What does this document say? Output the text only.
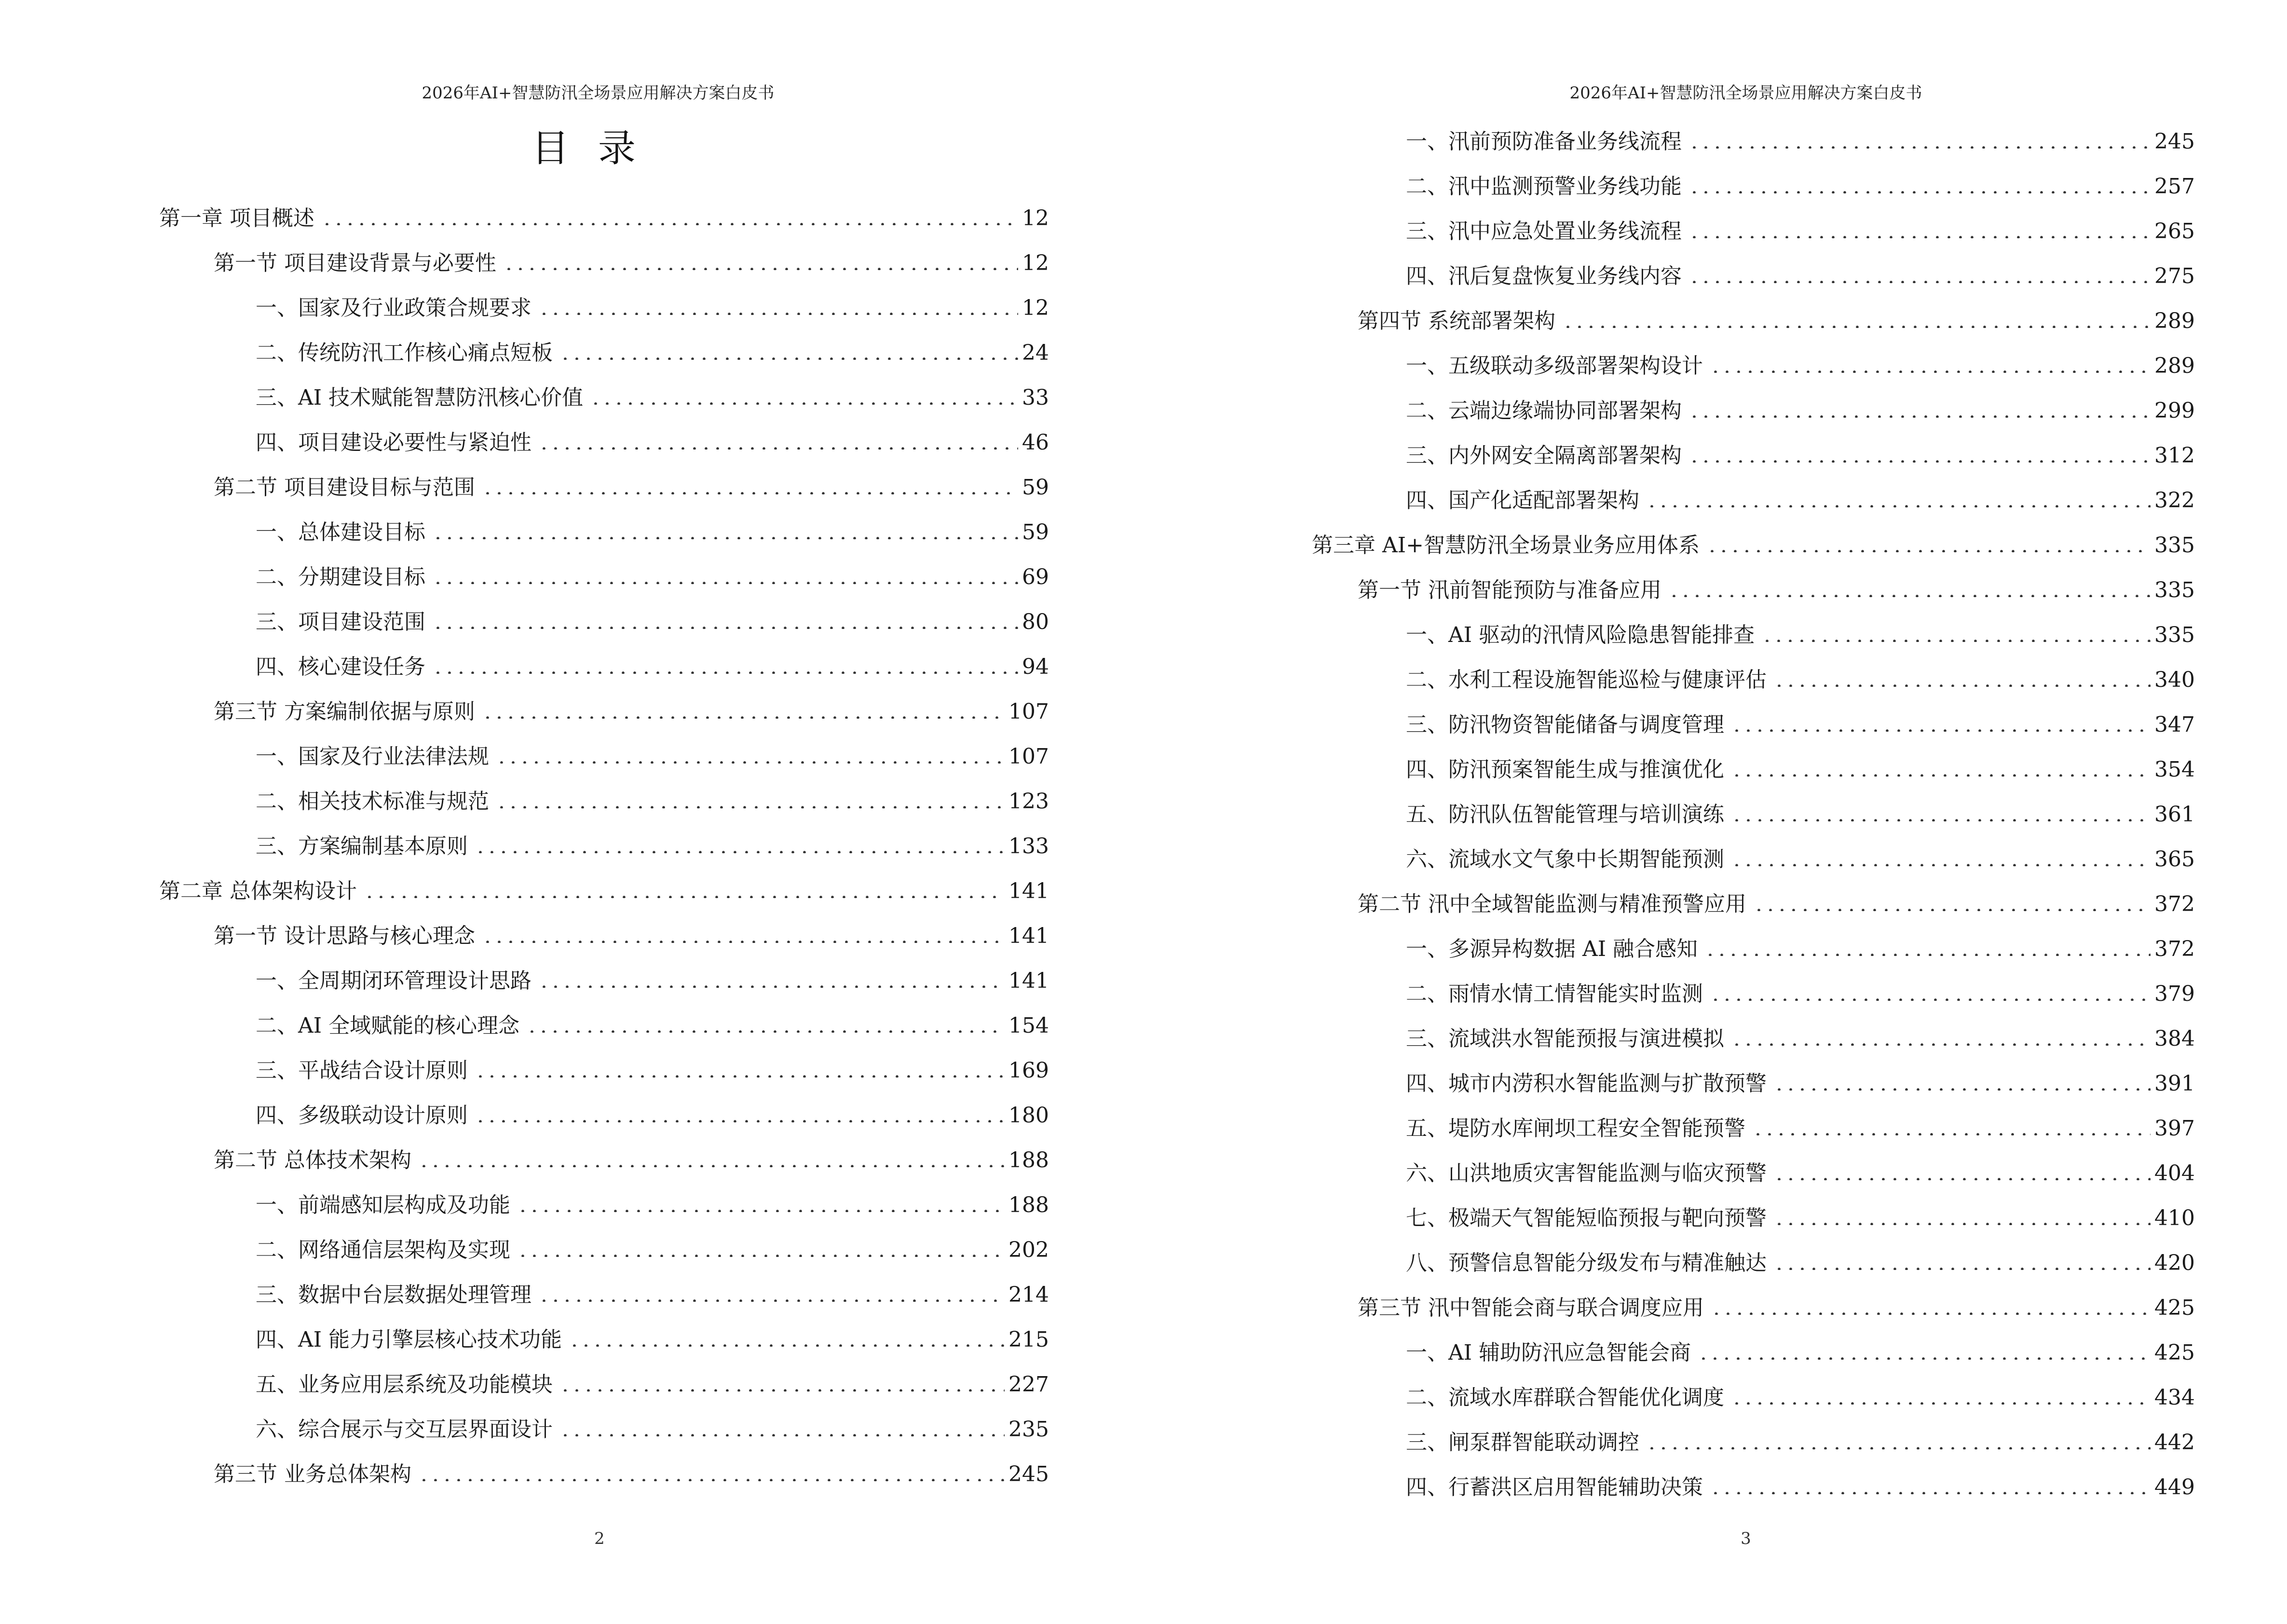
2026年AI+智慧防汛全场景应用解决方案白皮书
目录
第一章 项目概述	12
第一节 项目建设背景与必要性	12
一、国家及行业政策合规要求	12
二、传统防汛工作核心痛点短板	24
三、AI 技术赋能智慧防汛核心价值	33
四、项目建设必要性与紧迫性	46
第二节 项目建设目标与范围	59
一、总体建设目标	59
二、分期建设目标	69
三、项目建设范围	80
四、核心建设任务	94
第三节 方案编制依据与原则	107
一、国家及行业法律法规	107
二、相关技术标准与规范	123
三、方案编制基本原则	133
第二章 总体架构设计	141
第一节 设计思路与核心理念	141
一、全周期闭环管理设计思路	141
二、AI 全域赋能的核心理念	154
三、平战结合设计原则	169
四、多级联动设计原则	180
第二节 总体技术架构	188
一、前端感知层构成及功能	188
二、网络通信层架构及实现	202
三、数据中台层数据处理管理	214
四、AI 能力引擎层核心技术功能	215
五、业务应用层系统及功能模块	227
六、综合展示与交互层界面设计	235
第三节 业务总体架构	245
2
2026年AI+智慧防汛全场景应用解决方案白皮书
一、汛前预防准备业务线流程	245
二、汛中监测预警业务线功能	257
三、汛中应急处置业务线流程	265
四、汛后复盘恢复业务线内容	275
第四节 系统部署架构	289
一、五级联动多级部署架构设计	289
二、云端边缘端协同部署架构	299
三、内外网安全隔离部署架构	312
四、国产化适配部署架构	322
第三章 AI+智慧防汛全场景业务应用体系	335
第一节 汛前智能预防与准备应用	335
一、AI 驱动的汛情风险隐患智能排查	335
二、水利工程设施智能巡检与健康评估	340
三、防汛物资智能储备与调度管理	347
四、防汛预案智能生成与推演优化	354
五、防汛队伍智能管理与培训演练	361
六、流域水文气象中长期智能预测	365
第二节 汛中全域智能监测与精准预警应用	372
一、多源异构数据 AI 融合感知	372
二、雨情水情工情智能实时监测	379
三、流域洪水智能预报与演进模拟	384
四、城市内涝积水智能监测与扩散预警	391
五、堤防水库闸坝工程安全智能预警	397
六、山洪地质灾害智能监测与临灾预警	404
七、极端天气智能短临预报与靶向预警	410
八、预警信息智能分级发布与精准触达	420
第三节 汛中智能会商与联合调度应用	425
一、AI 辅助防汛应急智能会商	425
二、流域水库群联合智能优化调度	434
三、闸泵群智能联动调控	442
四、行蓄洪区启用智能辅助决策	449
3
